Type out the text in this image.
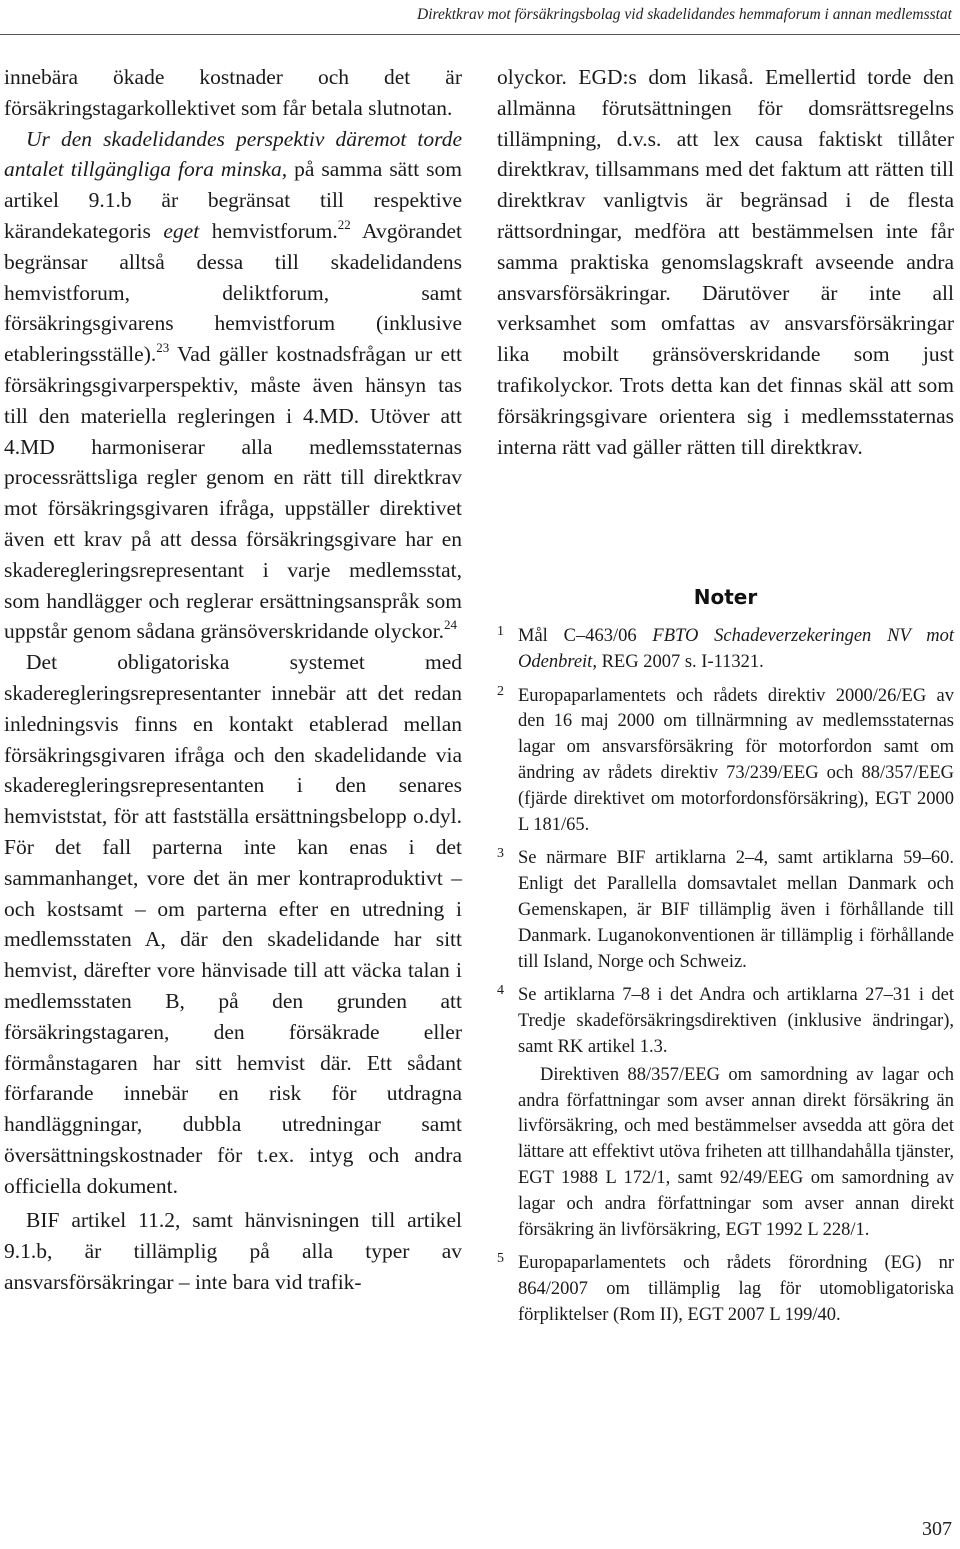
Direktkrav mot försäkringsbolag vid skadelidandes hemmaforum i annan medlemsstat

innebära ökade kostnader och det är försäkringstagarkollektivet som får betala slutnotan.

Ur den skadelidandes perspektiv däremot torde antalet tillgängliga fora minska, på samma sätt som artikel 9.1.b är begränsat till respektive kärandekategoris eget hemvistforum.$^{22}$ Avgörandet begränsar alltså dessa till skadelidandens hemvistforum, deliktforum, samt försäkringsgivarens hemvistforum (inklusive etableringsställe).$^{23}$ Vad gäller kostnadsfrågan ur ett försäkringsgivarperspektiv, måste även hänsyn tas till den materiella regleringen i 4.MD. Utöver att 4.MD harmoniserar alla medlemsstaternas processrättsliga regler genom en rätt till direktkrav mot försäkringsgivaren ifråga, uppställer direktivet även ett krav på att dessa försäkringsgivare har en skaderegleringsrepresentant i varje medlemsstat, som handlägger och reglerar ersättningsanspråk som uppstår genom sådana gränsöverskridande olyckor.$^{24}$

Det obligatoriska systemet med skaderegleringsrepresentanter innebär att det redan inledningsvis finns en kontakt etablerad mellan försäkringsgivaren ifråga och den skadelidande via skaderegleringsrepresentanten i den senares hemviststat, för att fastställa ersättningsbelopp o.dyl. För det fall parterna inte kan enas i det sammanhanget, vore det än mer kontraproduktivt – och kostsamt – om parterna efter en utredning i medlemsstaten A, där den skadelidande har sitt hemvist, därefter vore hänvisade till att väcka talan i medlemsstaten B, på den grunden att försäkringstagaren, den försäkrade eller förmånstagaren har sitt hemvist där. Ett sådant förfarande innebär en risk för utdragna handläggningar, dubbla utredningar samt översättningskostnader för t.ex. intyg och andra officiella dokument.

BIF artikel 11.2, samt hänvisningen till artikel 9.1.b, är tillämplig på alla typer av ansvarsförsäkringar – inte bara vid trafik-

olyckor. EGD:s dom likaså. Emellertid torde den allmänna förutsättningen för domsrättsregelns tillämpning, d.v.s. att lex causa faktiskt tillåter direktkrav, tillsammans med det faktum att rätten till direktkrav vanligtvis är begränsad i de flesta rättsordningar, medföra att bestämmelsen inte får samma praktiska genomslagskraft avseende andra ansvarsförsäkringar. Därutöver är inte all verksamhet som omfattas av ansvarsförsäkringar lika mobilt gränsöverskridande som just trafikolyckor. Trots detta kan det finnas skäl att som försäkringsgivare orientera sig i medlemsstaternas interna rätt vad gäller rätten till direktkrav.

Noter
1 Mål C–463/06 FBTO Schadeverzekeringen NV mot Odenbreit, REG 2007 s. I-11321.
2 Europaparlamentets och rådets direktiv 2000/26/EG av den 16 maj 2000 om tillnärmning av medlemsstaternas lagar om ansvarsförsäkring för motorfordon samt om ändring av rådets direktiv 73/239/EEG och 88/357/EEG (fjärde direktivet om motorfordonsförsäkring), EGT 2000 L 181/65.
3 Se närmare BIF artiklarna 2–4, samt artiklarna 59–60. Enligt det Parallella domsavtalet mellan Danmark och Gemenskapen, är BIF tillämplig även i förhållande till Danmark. Luganokonventionen är tillämplig i förhållande till Island, Norge och Schweiz.
4 Se artiklarna 7–8 i det Andra och artiklarna 27–31 i det Tredje skadeförsäkringsdirektiven (inklusive ändringar), samt RK artikel 1.3.

Direktiven 88/357/EEG om samordning av lagar och andra författningar som avser annan direkt försäkring än livförsäkring, och med bestämmelser avsedda att göra det lättare att effektivt utöva friheten att tillhandahålla tjänster, EGT 1988 L 172/1, samt 92/49/EEG om samordning av lagar och andra författningar som avser annan direkt försäkring än livförsäkring, EGT 1992 L 228/1.

5 Europaparlamentets och rådets förordning (EG) nr 864/2007 om tillämplig lag för utomobligatoriska förpliktelser (Rom II), EGT 2007 L 199/40.
307
